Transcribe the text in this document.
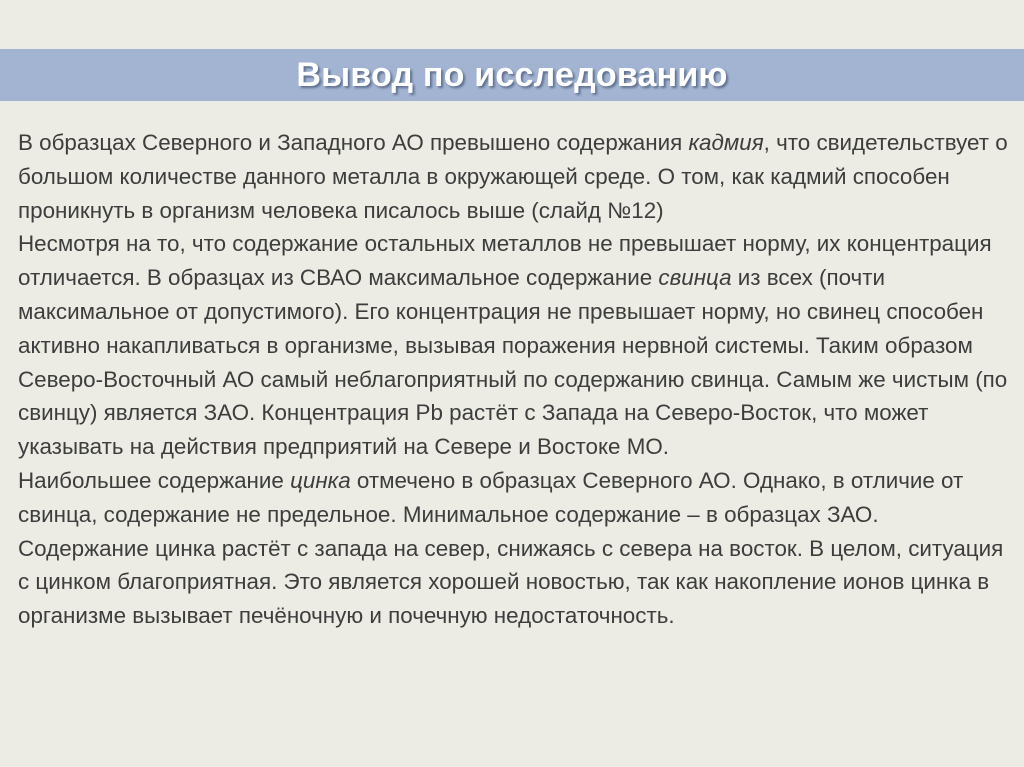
Вывод по исследованию

В образцах Северного и Западного АО превышено содержания кадмия, что свидетельствует о большом количестве данного металла в окружающей среде. О том, как кадмий способен проникнуть в организм человека писалось выше (слайд №12)

Несмотря на то, что содержание остальных металлов не превышает норму, их концентрация отличается. В образцах из СВАО максимальное содержание свинца из всех (почти максимальное от допустимого). Его концентрация не превышает норму, но свинец способен активно накапливаться в организме, вызывая поражения нервной системы. Таким образом Северо-Восточный АО самый неблагоприятный по содержанию свинца. Самым же чистым (по свинцу) является ЗАО. Концентрация Pb растёт с Запада на Северо-Восток, что может указывать на действия предприятий на Севере и Востоке МО.

Наибольшее содержание цинка отмечено в образцах Северного АО. Однако, в отличие от свинца, содержание не предельное. Минимальное содержание – в образцах ЗАО. Содержание цинка растёт с запада на север, снижаясь с севера на восток. В целом, ситуация с цинком благоприятная. Это является хорошей новостью, так как накопление ионов цинка в организме вызывает печёночную и почечную недостаточность.
